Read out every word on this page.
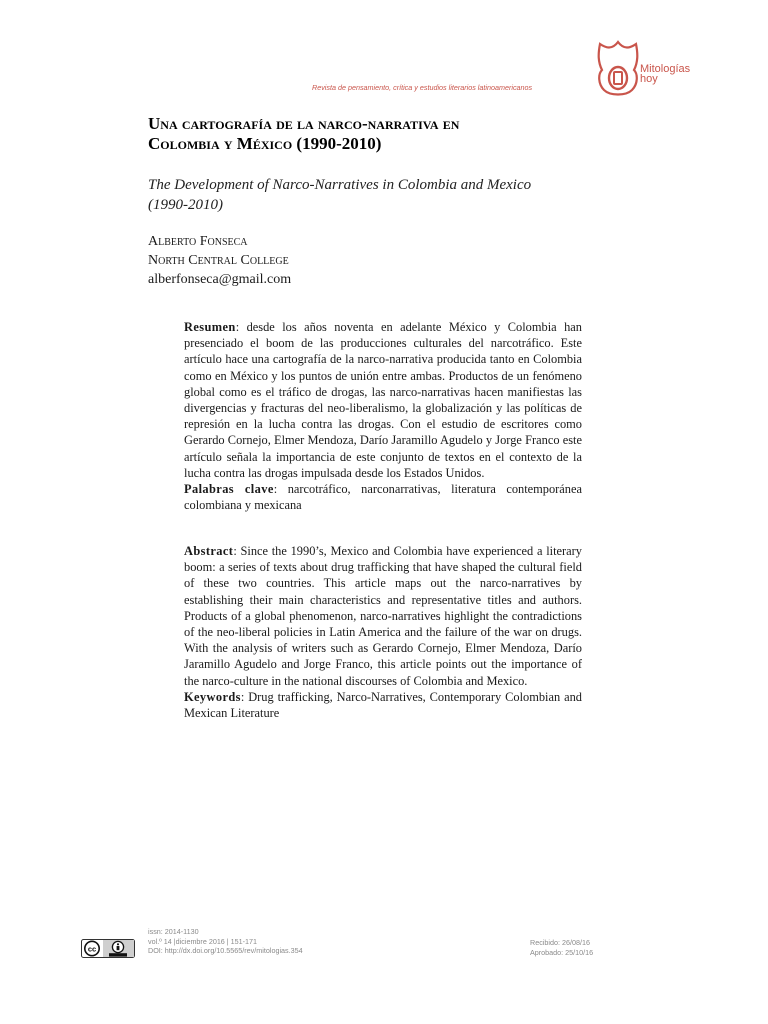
Revista de pensamiento, crítica y estudios literarios latinoamericanos
Mitologías
hoy
Una cartografía de la narco-narrativa en
Colombia y México (1990-2010)
The Development of Narco-Narratives in Colombia and Mexico
(1990-2010)
Alberto Fonseca
North Central College
alberfonseca@gmail.com

Resumen: desde los años noventa en adelante México y Colombia han presenciado el boom de las producciones culturales del narcotráfico. Este artículo hace una cartografía de la narco-narrativa producida tanto en Colombia como en México y los puntos de unión entre ambas. Productos de un fenómeno global como es el tráfico de drogas, las narco-narrativas hacen manifiestas las divergencias y fracturas del neo-liberalismo, la globalización y las políticas de represión en la lucha contra las drogas. Con el estudio de escritores como Gerardo Cornejo, Elmer Mendoza, Darío Jaramillo Agudelo y Jorge Franco este artículo señala la importancia de este conjunto de textos en el contexto de la lucha contra las drogas impulsada desde los Estados Unidos.

Palabras clave: narcotráfico, narconarrativas, literatura contemporánea colombiana y mexicana

Abstract: Since the 1990’s, Mexico and Colombia have experienced a literary boom: a series of texts about drug trafficking that have shaped the cultural field of these two countries. This article maps out the narco-narratives by establishing their main characteristics and representative titles and authors. Products of a global phenomenon, narco-narratives highlight the contradictions of the neo-liberal policies in Latin America and the failure of the war on drugs. With the analysis of writers such as Gerardo Cornejo, Elmer Mendoza, Darío Jaramillo Agudelo and Jorge Franco, this article points out the importance of the narco-culture in the national discourses of Colombia and Mexico.

Keywords: Drug trafficking, Narco-Narratives, Contemporary Colombian and Mexican Literature

cc
issn: 2014-1130
vol.º 14 |diciembre 2016 | 151-171
DOI: http://dx.doi.org/10.5565/rev/mitologias.354
Recibido: 26/08/16
Aprobado: 25/10/16
